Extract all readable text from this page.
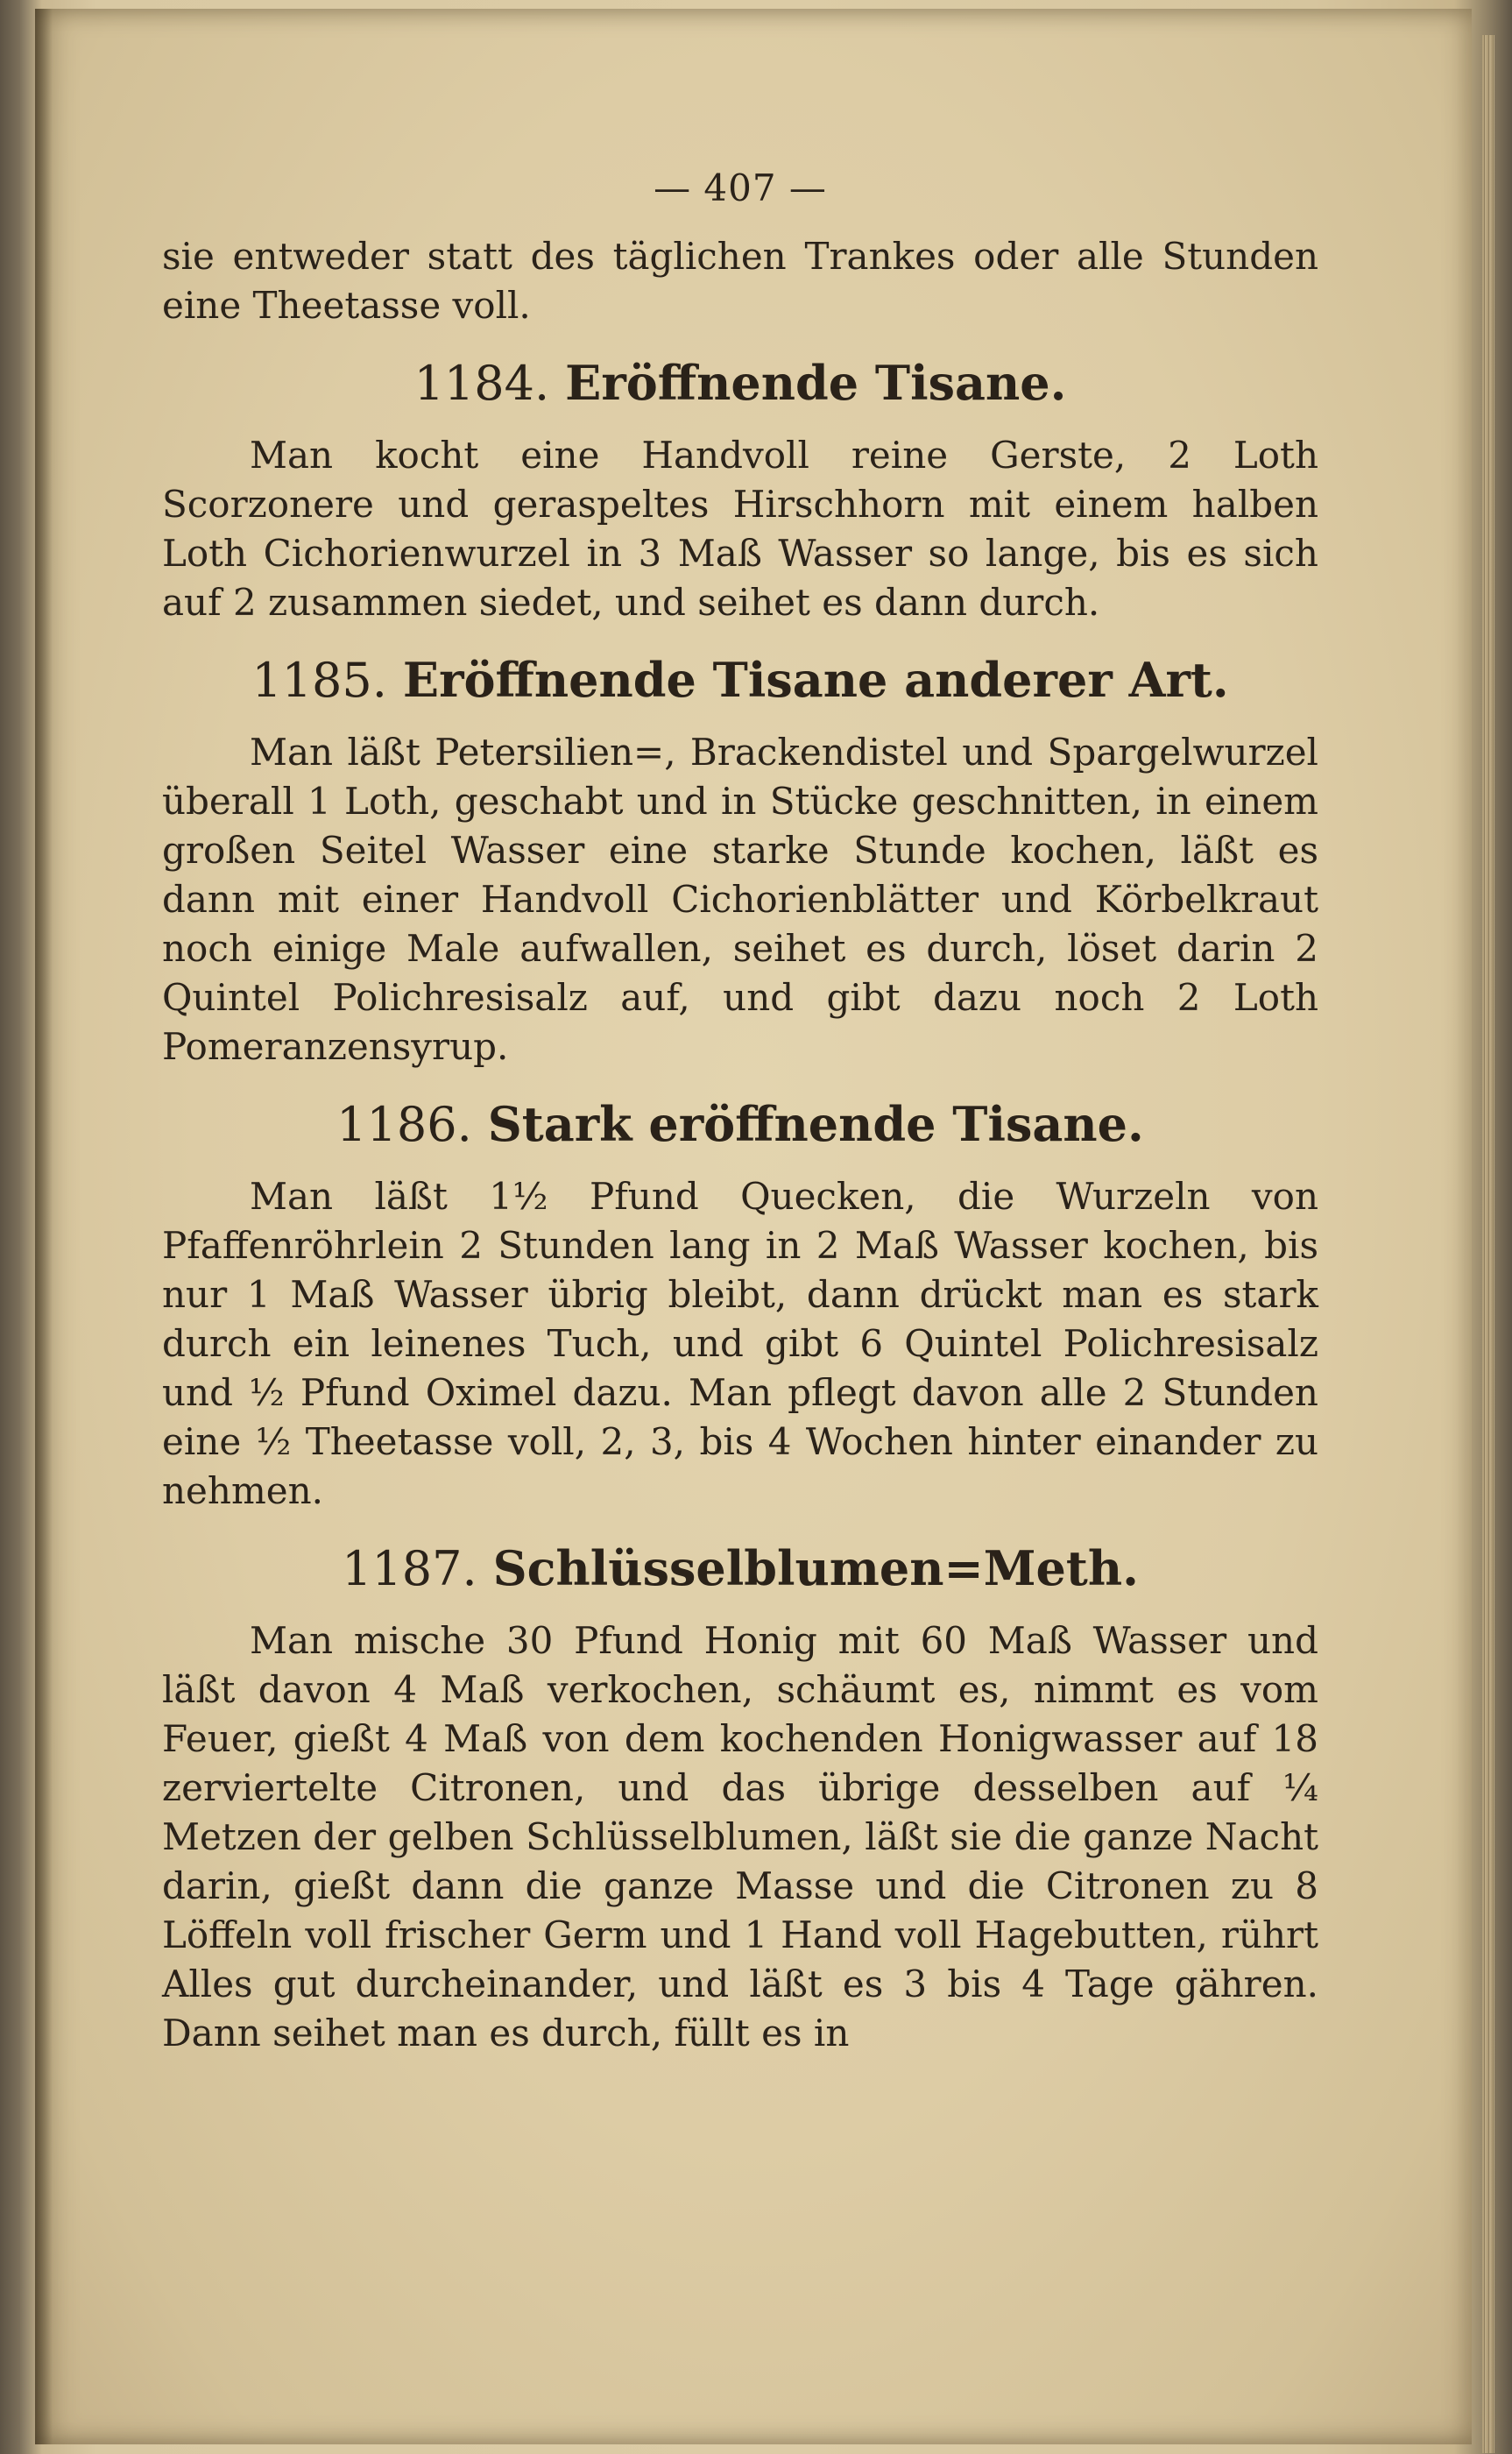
— 407 —

sie entweder statt des täglichen Trankes oder alle Stunden eine Theetasse voll.

1184. Eröffnende Tisane.

Man kocht eine Handvoll reine Gerste, 2 Loth Scorzonere und geraspeltes Hirschhorn mit einem halben Loth Cichorienwurzel in 3 Maß Wasser so lange, bis es sich auf 2 zusammen siedet, und seihet es dann durch.

1185. Eröffnende Tisane anderer Art.

Man läßt Petersilien=, Brackendistel und Spargelwurzel überall 1 Loth, geschabt und in Stücke geschnitten, in einem großen Seitel Wasser eine starke Stunde kochen, läßt es dann mit einer Handvoll Cichorienblätter und Körbelkraut noch einige Male aufwallen, seihet es durch, löset darin 2 Quintel Polichresisalz auf, und gibt dazu noch 2 Loth Pomeranzensyrup.

1186. Stark eröffnende Tisane.

Man läßt 1½ Pfund Quecken, die Wurzeln von Pfaffenröhrlein 2 Stunden lang in 2 Maß Wasser kochen, bis nur 1 Maß Wasser übrig bleibt, dann drückt man es stark durch ein leinenes Tuch, und gibt 6 Quintel Polichresisalz und ½ Pfund Oximel dazu. Man pflegt davon alle 2 Stunden eine ½ Theetasse voll, 2, 3, bis 4 Wochen hinter einander zu nehmen.

1187. Schlüsselblumen=Meth.

Man mische 30 Pfund Honig mit 60 Maß Wasser und läßt davon 4 Maß verkochen, schäumt es, nimmt es vom Feuer, gießt 4 Maß von dem kochenden Honigwasser auf 18 zerviertelte Citronen, und das übrige desselben auf ¼ Metzen der gelben Schlüsselblumen, läßt sie die ganze Nacht darin, gießt dann die ganze Masse und die Citronen zu 8 Löffeln voll frischer Germ und 1 Hand voll Hagebutten, rührt Alles gut durcheinander, und läßt es 3 bis 4 Tage gähren. Dann seihet man es durch, füllt es in
